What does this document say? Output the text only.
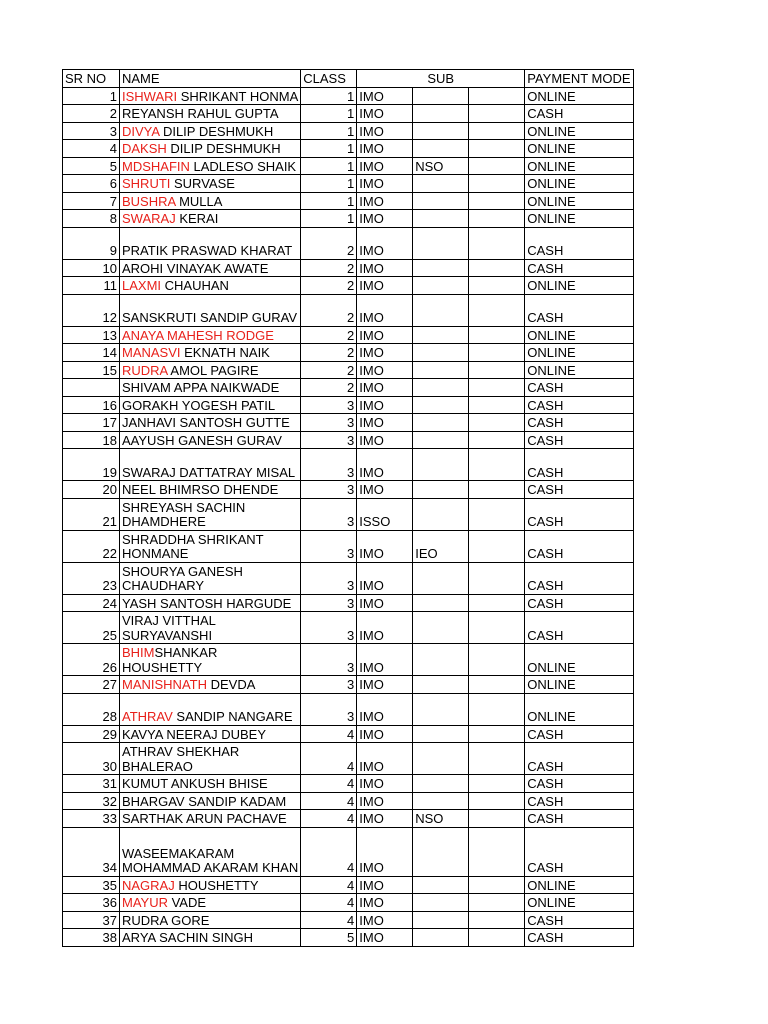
SR NO	NAME	CLASS	SUB			PAYMENT MODE
1	ISHWARI SHRIKANT HONMA	1	IMO			ONLINE
2	REYANSH RAHUL GUPTA	1	IMO			CASH
3	DIVYA DILIP DESHMUKH	1	IMO			ONLINE
4	DAKSH DILIP DESHMUKH	1	IMO			ONLINE
5	MDSHAFIN LADLESO SHAIK	1	IMO	NSO		ONLINE
6	SHRUTI SURVASE	1	IMO			ONLINE
7	BUSHRA MULLA	1	IMO			ONLINE
8	SWARAJ KERAI	1	IMO			ONLINE
9	PRATIK PRASWAD KHARAT	2	IMO			CASH
10	AROHI VINAYAK AWATE	2	IMO			CASH
11	LAXMI CHAUHAN	2	IMO			ONLINE
12	SANSKRUTI SANDIP GURAV	2	IMO			CASH
13	ANAYA MAHESH RODGE	2	IMO			ONLINE
14	MANASVI EKNATH NAIK	2	IMO			ONLINE
15	RUDRA AMOL PAGIRE	2	IMO			ONLINE
	SHIVAM APPA NAIKWADE	2	IMO			CASH
16	GORAKH YOGESH PATIL	3	IMO			CASH
17	JANHAVI SANTOSH GUTTE	3	IMO			CASH
18	AAYUSH GANESH GURAV	3	IMO			CASH
19	SWARAJ DATTATRAY MISAL	3	IMO			CASH
20	NEEL BHIMRSO DHENDE	3	IMO			CASH
21	SHREYASH SACHIN DHAMDHERE	3	ISSO			CASH
22	SHRADDHA SHRIKANT HONMANE	3	IMO	IEO		CASH
23	SHOURYA GANESH CHAUDHARY	3	IMO			CASH
24	YASH SANTOSH HARGUDE	3	IMO			CASH
25	VIRAJ VITTHAL SURYAVANSHI	3	IMO			CASH
26	BHIMSHANKAR HOUSHETTY	3	IMO			ONLINE
27	MANISHNATH DEVDA	3	IMO			ONLINE
28	ATHRAV SANDIP NANGARE	3	IMO			ONLINE
29	KAVYA NEERAJ DUBEY	4	IMO			CASH
30	ATHRAV SHEKHAR BHALERAO	4	IMO			CASH
31	KUMUT ANKUSH BHISE	4	IMO			CASH
32	BHARGAV SANDIP KADAM	4	IMO			CASH
33	SARTHAK ARUN PACHAVE	4	IMO	NSO		CASH
34	WASEEMAKARAM MOHAMMAD AKARAM KHAN	4	IMO			CASH
35	NAGRAJ HOUSHETTY	4	IMO			ONLINE
36	MAYUR VADE	4	IMO			ONLINE
37	RUDRA GORE	4	IMO			CASH
38	ARYA SACHIN SINGH	5	IMO			CASH
